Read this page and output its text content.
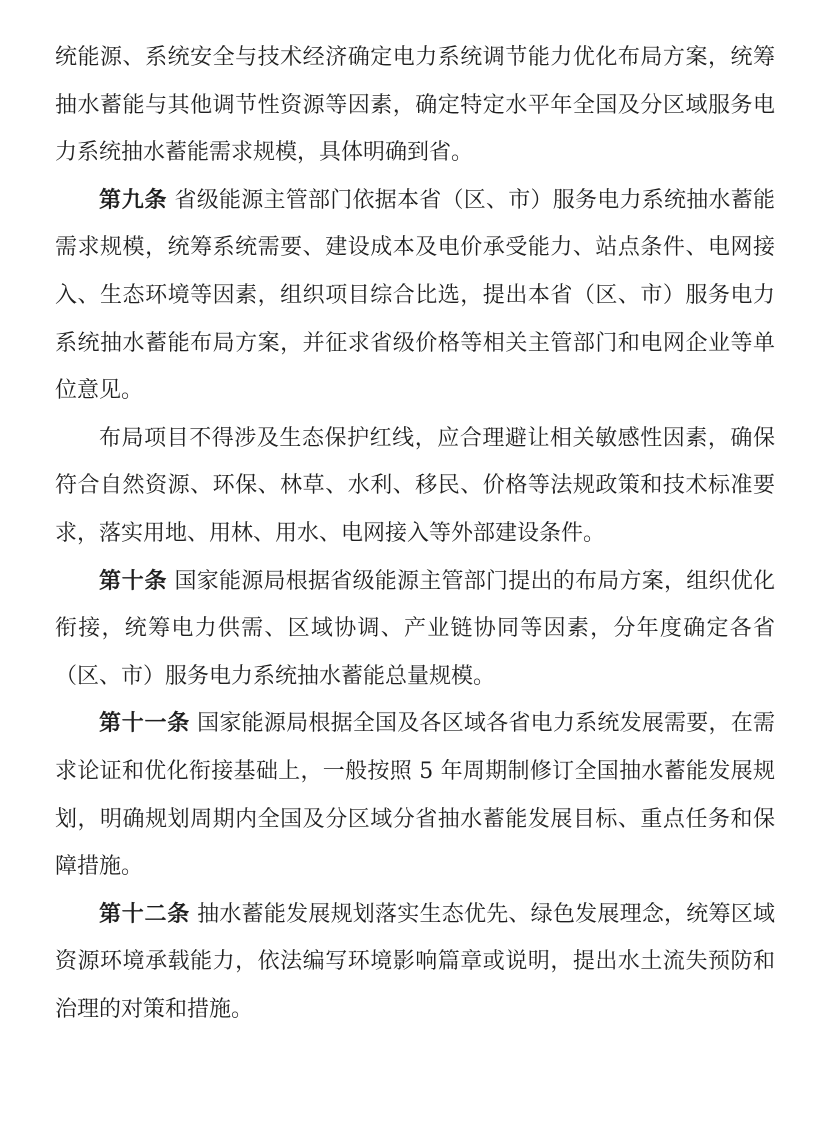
统能源、系统安全与技术经济确定电力系统调节能力优化布局方案，统筹抽水蓄能与其他调节性资源等因素，确定特定水平年全国及分区域服务电力系统抽水蓄能需求规模，具体明确到省。

第九条 省级能源主管部门依据本省（区、市）服务电力系统抽水蓄能需求规模，统筹系统需要、建设成本及电价承受能力、站点条件、电网接入、生态环境等因素，组织项目综合比选，提出本省（区、市）服务电力系统抽水蓄能布局方案，并征求省级价格等相关主管部门和电网企业等单位意见。

布局项目不得涉及生态保护红线，应合理避让相关敏感性因素，确保符合自然资源、环保、林草、水利、移民、价格等法规政策和技术标准要求，落实用地、用林、用水、电网接入等外部建设条件。

第十条 国家能源局根据省级能源主管部门提出的布局方案，组织优化衔接，统筹电力供需、区域协调、产业链协同等因素，分年度确定各省（区、市）服务电力系统抽水蓄能总量规模。

第十一条 国家能源局根据全国及各区域各省电力系统发展需要，在需求论证和优化衔接基础上，一般按照 5 年周期制修订全国抽水蓄能发展规划，明确规划周期内全国及分区域分省抽水蓄能发展目标、重点任务和保障措施。

第十二条 抽水蓄能发展规划落实生态优先、绿色发展理念，统筹区域资源环境承载能力，依法编写环境影响篇章或说明，提出水土流失预防和治理的对策和措施。
